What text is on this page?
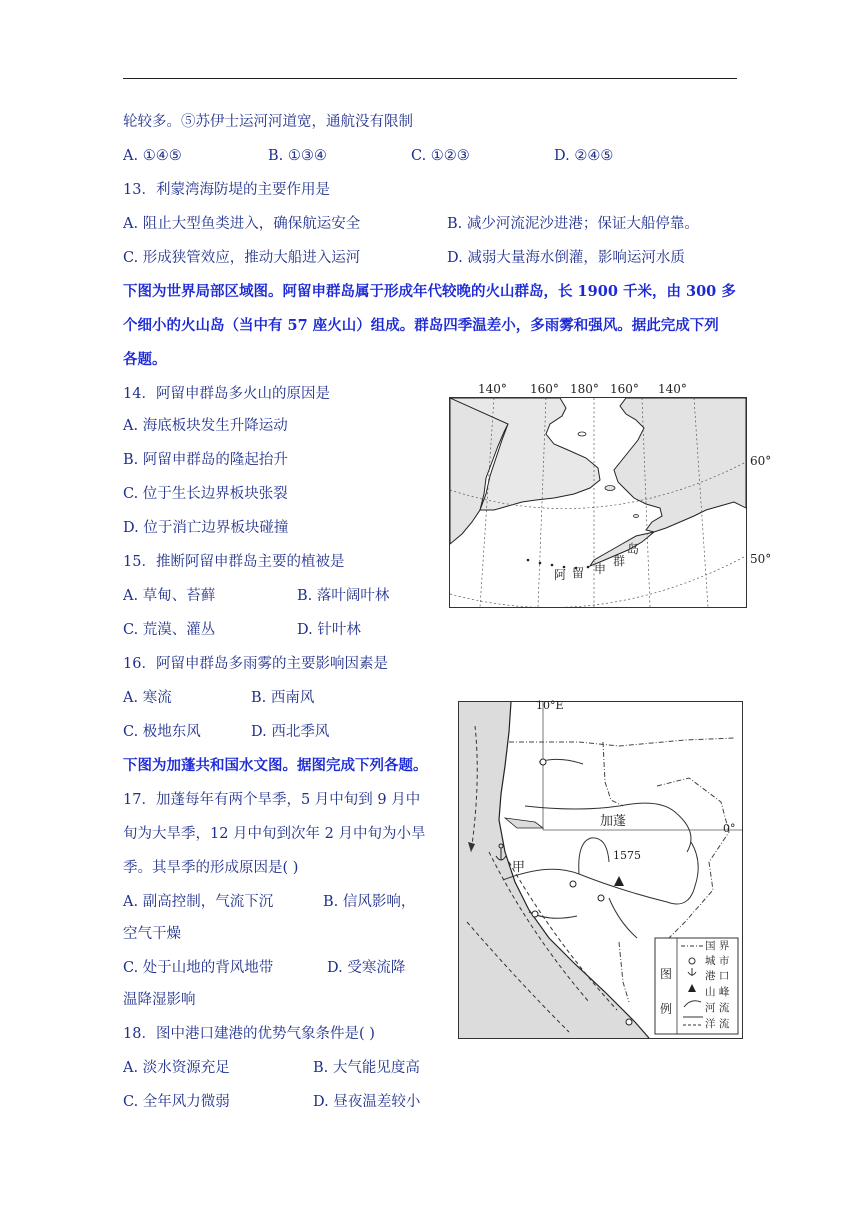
轮较多。⑤苏伊士运河河道宽，通航没有限制
A. ①④⑤	B. ①③④	C. ①②③	D. ②④⑤
13．利蒙湾海防堤的主要作用是
A. 阻止大型鱼类进入，确保航运安全	B. 减少河流泥沙进港；保证大船停靠。
C. 形成狭管效应，推动大船进入运河	D. 减弱大量海水倒灌，影响运河水质
下图为世界局部区域图。阿留申群岛属于形成年代较晚的火山群岛，长 1900 千米，由 300 多
个细小的火山岛（当中有 57 座火山）组成。群岛四季温差小，多雨雾和强风。据此完成下列
各题。
14．阿留申群岛多火山的原因是
A. 海底板块发生升降运动
B. 阿留申群岛的隆起抬升
C. 位于生长边界板块张裂
D. 位于消亡边界板块碰撞
15．推断阿留申群岛主要的植被是
A. 草甸、苔藓	B. 落叶阔叶林
C. 荒漠、灌丛	D. 针叶林
16．阿留申群岛多雨雾的主要影响因素是
A. 寒流	B. 西南风
C. 极地东风	D. 西北季风
下图为加蓬共和国水文图。据图完成下列各题。
17．加蓬每年有两个旱季，5 月中旬到 9 月中
旬为大旱季，12 月中旬到次年 2 月中旬为小旱
季。其旱季的形成原因是( )
A. 副高控制，气流下沉	B. 信风影响，
空气干燥
C. 处于山地的背风地带	D. 受寒流降
温降湿影响
18．图中港口建港的优势气象条件是( )
A. 淡水资源充足	B. 大气能见度高
C. 全年风力微弱	D. 昼夜温差较小
140° 160° 180° 160° 140°
60°
50°
阿 留 申
群
岛
10°E
0°
加蓬
甲
1575
图
例
国 界
城 市
港 口
山 峰
河 流
洋 流
